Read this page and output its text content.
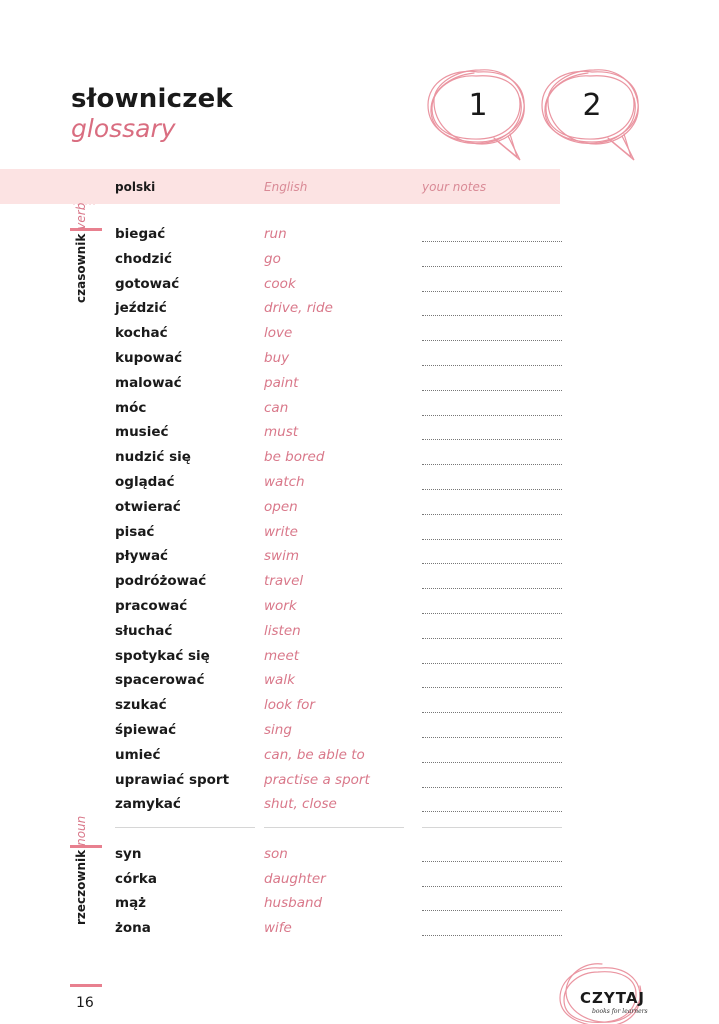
słowniczek
glossary
1	2
polski	English	your notes
czasownikverb
biegać	run
chodzić	go
gotować	cook
jeździć	drive, ride
kochać	love
kupować	buy
malować	paint
móc	can
musieć	must
nudzić się	be bored
oglądać	watch
otwierać	open
pisać	write
pływać	swim
podróżować	travel
pracować	work
słuchać	listen
spotykać się	meet
spacerować	walk
szukać	look for
śpiewać	sing
umieć	can, be able to
uprawiać sport	practise a sport
zamykać	shut, close
rzeczowniknoun
syn	son
córka	daughter
mąż	husband
żona	wife
16	CZYTAJ
books for learners
